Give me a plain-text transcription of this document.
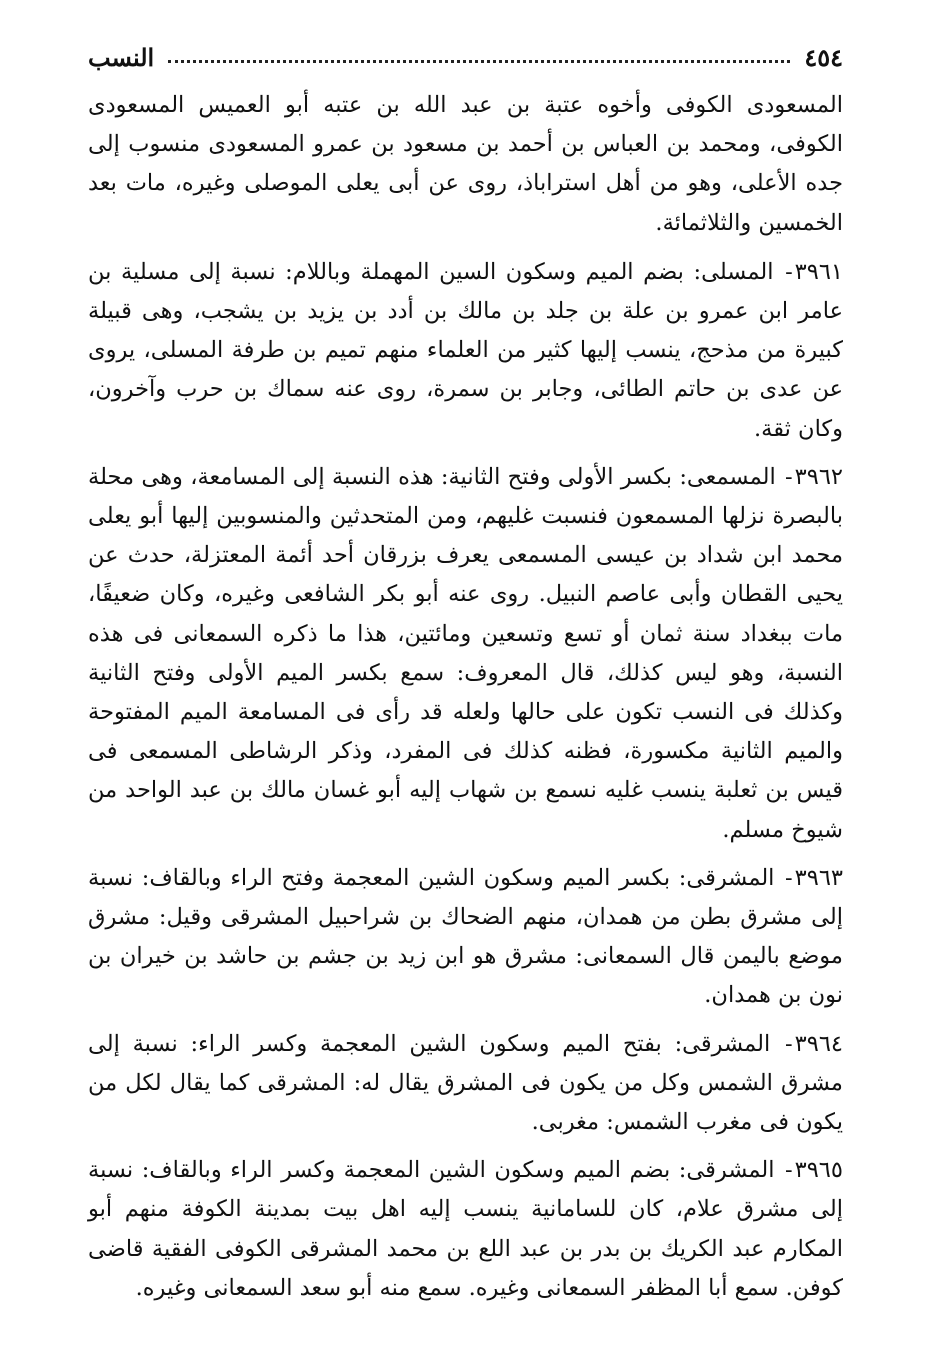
٤٥٤
النسب

المسعودى الكوفى وأخوه عتبة بن عبد الله بن عتبه أبو العميس المسعودى الكوفى، ومحمد بن العباس بن أحمد بن مسعود بن عمرو المسعودى منسوب إلى جده الأعلى، وهو من أهل استراباذ، روى عن أبى يعلى الموصلى وغيره، مات بعد الخمسين والثلاثمائة.

٣٩٦١- المسلى: بضم الميم وسكون السين المهملة وباللام: نسبة إلى مسلية بن عامر ابن عمرو بن علة بن جلد بن مالك بن أدد بن يزيد بن يشجب، وهى قبيلة كبيرة من مذحج، ينسب إليها كثير من العلماء منهم تميم بن طرفة المسلى، يروى عن عدى بن حاتم الطائى، وجابر بن سمرة، روى عنه سماك بن حرب وآخرون، وكان ثقة.

٣٩٦٢- المسمعى: بكسر الأولى وفتح الثانية: هذه النسبة إلى المسامعة، وهى محلة بالبصرة نزلها المسمعون فنسبت غليهم، ومن المتحدثين والمنسوبين إليها أبو يعلى محمد ابن شداد بن عيسى المسمعى يعرف بزرقان أحد أئمة المعتزلة، حدث عن يحيى القطان وأبى عاصم النبيل. روى عنه أبو بكر الشافعى وغيره، وكان ضعيفًا، مات ببغداد سنة ثمان أو تسع وتسعين ومائتين، هذا ما ذكره السمعانى فى هذه النسبة، وهو ليس كذلك، قال المعروف: سمع بكسر الميم الأولى وفتح الثانية وكذلك فى النسب تكون على حالها ولعله قد رأى فى المسامعة الميم المفتوحة والميم الثانية مكسورة، فظنه كذلك فى المفرد، وذكر الرشاطى المسمعى فى قيس بن ثعلبة ينسب غليه نسمع بن شهاب إليه أبو غسان مالك بن عبد الواحد من شيوخ مسلم.

٣٩٦٣- المشرقى: بكسر الميم وسكون الشين المعجمة وفتح الراء وبالقاف: نسبة إلى مشرق بطن من همدان، منهم الضحاك بن شراحبيل المشرقى وقيل: مشرق موضع باليمن قال السمعانى: مشرق هو ابن زيد بن جشم بن حاشد بن خيران بن نون بن همدان.

٣٩٦٤- المشرقى: بفتح الميم وسكون الشين المعجمة وكسر الراء: نسبة إلى مشرق الشمس وكل من يكون فى المشرق يقال له: المشرقى كما يقال لكل من يكون فى مغرب الشمس: مغربى.

٣٩٦٥- المشرقى: بضم الميم وسكون الشين المعجمة وكسر الراء وبالقاف: نسبة إلى مشرق علام، كان للسامانية ينسب إليه اهل بيت بمدينة الكوفة منهم أبو المكارم عبد الكريك بن بدر بن عبد اللع بن محمد المشرقى الكوفى الفقية قاضى كوفن. سمع أبا المظفر السمعانى وغيره. سمع منه أبو سعد السمعانى وغيره.
